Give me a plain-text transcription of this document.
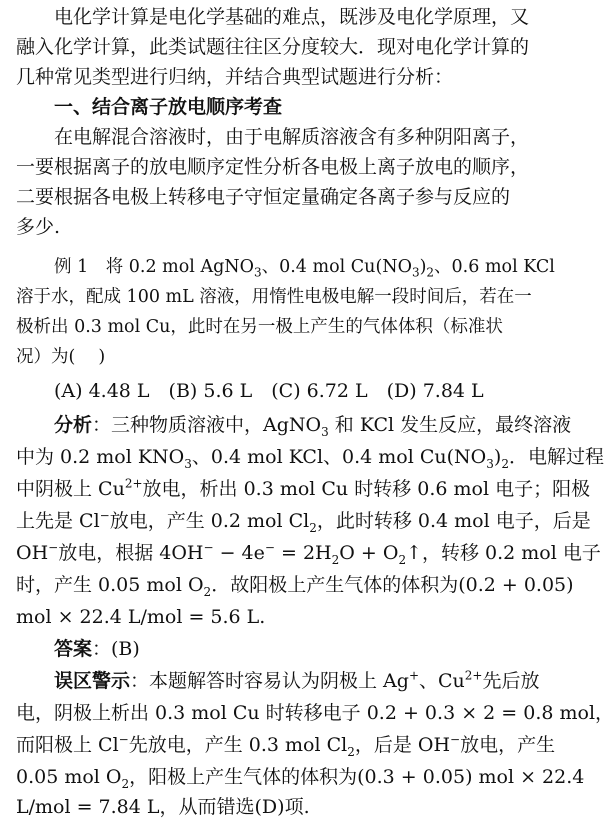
电化学计算是电化学基础的难点，既涉及电化学原理，又
融入化学计算，此类试题往往区分度较大．现对电化学计算的
几种常见类型进行归纳，并结合典型试题进行分析：
一、结合离子放电顺序考查
在电解混合溶液时，由于电解质溶液含有多种阴阳离子，
一要根据离子的放电顺序定性分析各电极上离子放电的顺序，
二要根据各电极上转移电子守恒定量确定各离子参与反应的
多少.
例 1　 将 0.2 mol AgNO$_3$、0.4 mol $Cu(NO_3)_2$、0.6 mol KCl
溶于水，配成 100 mL 溶液，用惰性电极电解一段时间后，若在一
极析出 0.3 mol Cu，此时在另一极上产生的气体体积（标准状
况）为(　 )
(A) 4.48 L　(B) 5.6 L　(C) 6.72 L　(D) 7.84 L
分析：三种物质溶液中，AgNO$_3$ 和 KCl 发生反应，最终溶液
中为 0.2 mol $KNO_3$、0.4 mol KCl、0.4 mol $Cu(NO_3)_2$．电解过程
中阴极上 $Cu^{2+}$放电，析出 0.3 mol Cu 时转移 0.6 mol 电子；阳极
上先是 Cl−放电，产生 0.2 mol $Cl_2$，此时转移 0.4 mol 电子，后是
OH−放电，根据 $4OH^- - 4e^- = 2H_2O$ + $O_2↑$，转移 0.2 mol 电子
时，产生 0.05 mol $O_2$．故阳极上产生气体的体积为(0.2 + 0.05)
mol × 22.4 L/mol = 5.6 L.
答案：(B)
误区警示：本题解答时容易认为阴极上 Ag+、$Cu^{2+}$先后放
电，阴极上析出 0.3 mol Cu 时转移电子 0.2 + 0.3 × 2 = 0.8 mol，
而阳极上 Cl−先放电，产生 0.3 mol $Cl_2$，后是 OH−放电，产生
0.05 mol $O_2$，阳极上产生气体的体积为(0.3 + 0.05) mol × 22.4
L/mol = 7.84 L，从而错选(D)项.
